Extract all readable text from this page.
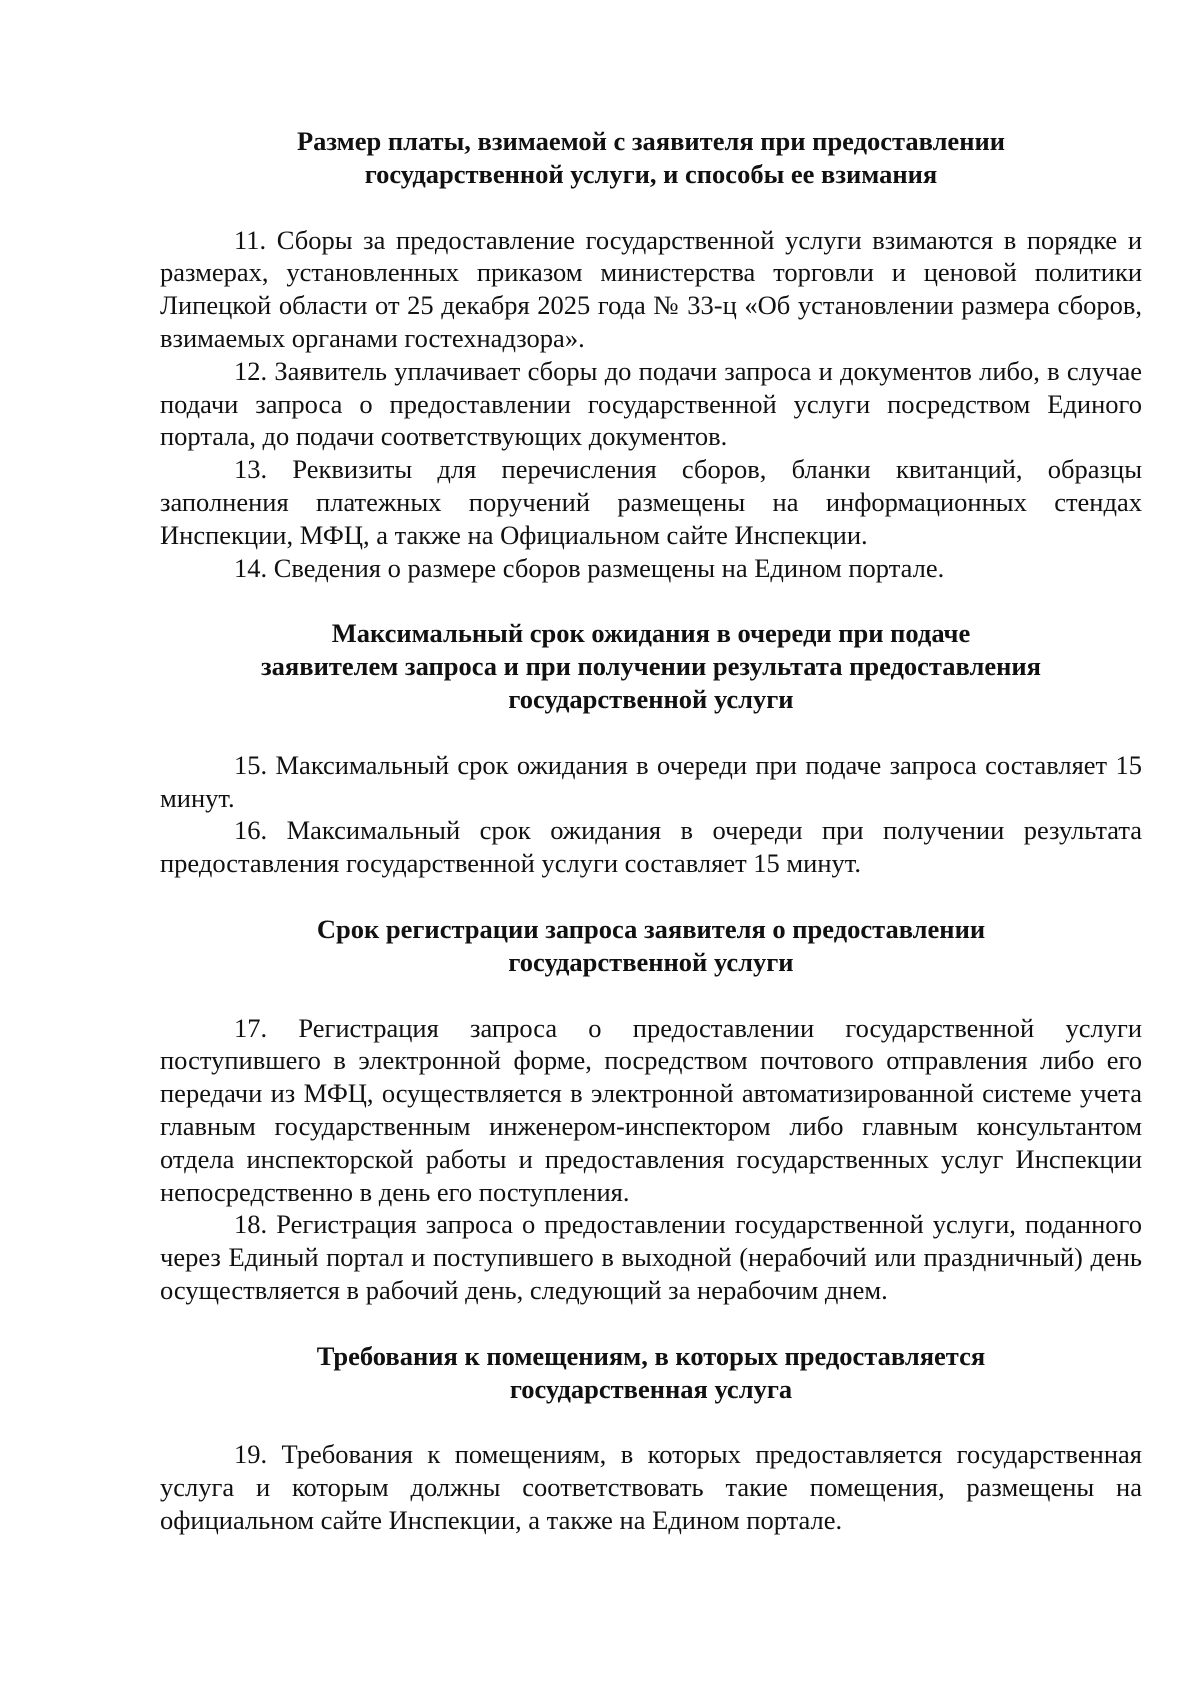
Размер платы, взимаемой с заявителя при предоставлении
государственной услуги, и способы ее взимания

11. Сборы за предоставление государственной услуги взимаются в порядке и размерах, установленных приказом министерства торговли и ценовой политики Липецкой области от 25 декабря 2025 года № 33-ц «Об установлении размера сборов, взимаемых органами гостехнадзора».

12. Заявитель уплачивает сборы до подачи запроса и документов либо, в случае подачи запроса о предоставлении государственной услуги посредством Единого портала, до подачи соответствующих документов.

13. Реквизиты для перечисления сборов, бланки квитанций, образцы заполнения платежных поручений размещены на информационных стендах Инспекции, МФЦ, а также на Официальном сайте Инспекции.

14. Сведения о размере сборов размещены на Едином портале.

Максимальный срок ожидания в очереди при подаче
заявителем запроса и при получении результата предоставления
государственной услуги

15. Максимальный срок ожидания в очереди при подаче запроса составляет 15 минут.

16. Максимальный срок ожидания в очереди при получении результата предоставления государственной услуги составляет 15 минут.

Срок регистрации запроса заявителя о предоставлении
государственной услуги

17. Регистрация запроса о предоставлении государственной услуги поступившего в электронной форме, посредством почтового отправления либо его передачи из МФЦ, осуществляется в электронной автоматизированной системе учета главным государственным инженером-инспектором либо главным консультантом отдела инспекторской работы и предоставления государственных услуг Инспекции непосредственно в день его поступления.

18. Регистрация запроса о предоставлении государственной услуги, поданного через Единый портал и поступившего в выходной (нерабочий или праздничный) день осуществляется в рабочий день, следующий за нерабочим днем.

Требования к помещениям, в которых предоставляется
государственная услуга

19. Требования к помещениям, в которых предоставляется государственная услуга и которым должны соответствовать такие помещения, размещены на официальном сайте Инспекции, а также на Едином портале.
